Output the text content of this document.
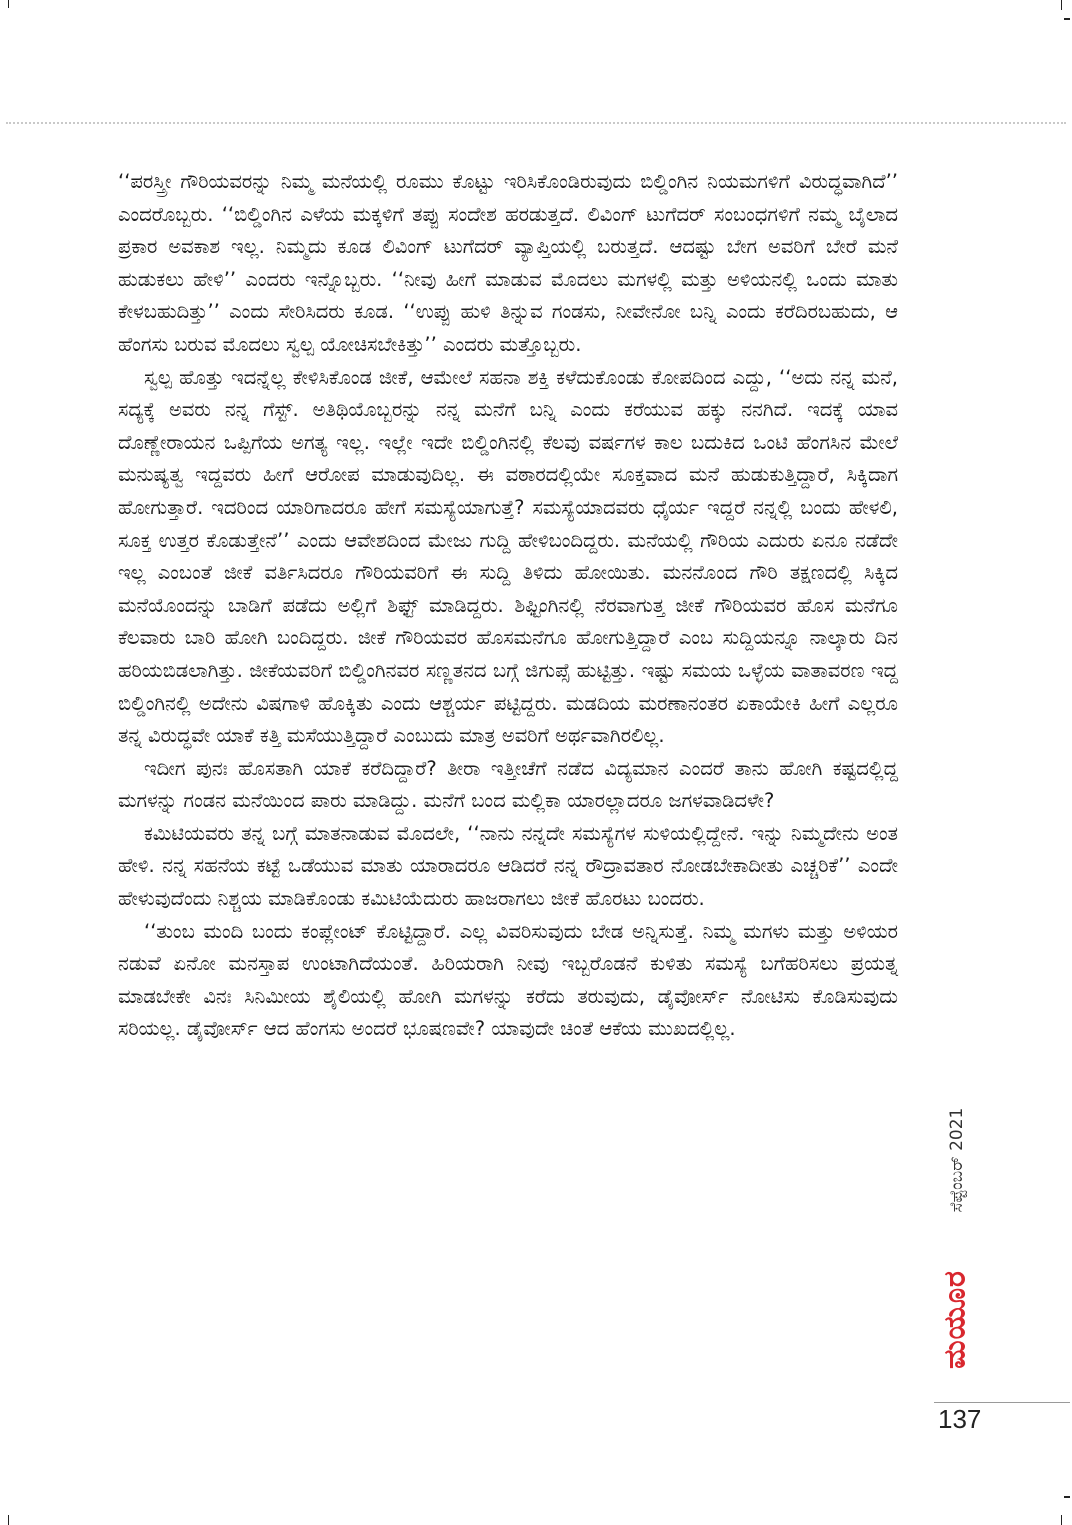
‘‘ಪರಸ್ತ್ರೀ ಗೌರಿಯವರನ್ನು ನಿಮ್ಮ ಮನೆಯಲ್ಲಿ ರೂಮು ಕೊಟ್ಟು ಇರಿಸಿಕೊಂಡಿರುವುದು ಬಿಲ್ಡಿಂಗಿನ ನಿಯಮಗಳಿಗೆ ವಿರುದ್ಧವಾಗಿದೆ’’ ಎಂದರೊಬ್ಬರು. ‘‘ಬಿಲ್ಡಿಂಗಿನ ಎಳೆಯ ಮಕ್ಕಳಿಗೆ ತಪ್ಪು ಸಂದೇಶ ಹರಡುತ್ತದೆ. ಲಿವಿಂಗ್ ಟುಗೆದರ್ ಸಂಬಂಧಗಳಿಗೆ ನಮ್ಮ ಬೈಲಾದ ಪ್ರಕಾರ ಅವಕಾಶ ಇಲ್ಲ. ನಿಮ್ಮದು ಕೂಡ ಲಿವಿಂಗ್ ಟುಗೆದರ್ ವ್ಯಾಪ್ತಿಯಲ್ಲಿ ಬರುತ್ತದೆ. ಆದಷ್ಟು ಬೇಗ ಅವರಿಗೆ ಬೇರೆ ಮನೆ ಹುಡುಕಲು ಹೇಳಿ’’ ಎಂದರು ಇನ್ನೊಬ್ಬರು. ‘‘ನೀವು ಹೀಗೆ ಮಾಡುವ ಮೊದಲು ಮಗಳಲ್ಲಿ ಮತ್ತು ಅಳಿಯನಲ್ಲಿ ಒಂದು ಮಾತು ಕೇಳಬಹುದಿತ್ತು’’ ಎಂದು ಸೇರಿಸಿದರು ಕೂಡ. ‘‘ಉಪ್ಪು ಹುಳಿ ತಿನ್ನುವ ಗಂಡಸು, ನೀವೇನೋ ಬನ್ನಿ ಎಂದು ಕರೆದಿರಬಹುದು, ಆ ಹೆಂಗಸು ಬರುವ ಮೊದಲು ಸ್ವಲ್ಪ ಯೋಚಿಸಬೇಕಿತ್ತು’’ ಎಂದರು ಮತ್ತೊಬ್ಬರು.

ಸ್ವಲ್ಪ ಹೊತ್ತು ಇದನ್ನೆಲ್ಲ ಕೇಳಿಸಿಕೊಂಡ ಜೀಕೆ, ಆಮೇಲೆ ಸಹನಾ ಶಕ್ತಿ ಕಳೆದುಕೊಂಡು ಕೋಪದಿಂದ ಎದ್ದು, ‘‘ಅದು ನನ್ನ ಮನೆ, ಸದ್ಯಕ್ಕೆ ಅವರು ನನ್ನ ಗೆಸ್ಟ್. ಅತಿಥಿಯೊಬ್ಬರನ್ನು ನನ್ನ ಮನೆಗೆ ಬನ್ನಿ ಎಂದು ಕರೆಯುವ ಹಕ್ಕು ನನಗಿದೆ. ಇದಕ್ಕೆ ಯಾವ ದೊಣ್ಣೇರಾಯನ ಒಪ್ಪಿಗೆಯ ಅಗತ್ಯ ಇಲ್ಲ. ಇಲ್ಲೇ ಇದೇ ಬಿಲ್ಡಿಂಗಿನಲ್ಲಿ ಕೆಲವು ವರ್ಷಗಳ ಕಾಲ ಬದುಕಿದ ಒಂಟಿ ಹೆಂಗಸಿನ ಮೇಲೆ ಮನುಷ್ಯತ್ವ ಇದ್ದವರು ಹೀಗೆ ಆರೋಪ ಮಾಡುವುದಿಲ್ಲ. ಈ ವಠಾರದಲ್ಲಿಯೇ ಸೂಕ್ತವಾದ ಮನೆ ಹುಡುಕುತ್ತಿದ್ದಾರೆ, ಸಿಕ್ಕಿದಾಗ ಹೋಗುತ್ತಾರೆ. ಇದರಿಂದ ಯಾರಿಗಾದರೂ ಹೇಗೆ ಸಮಸ್ಯೆಯಾಗುತ್ತೆ? ಸಮಸ್ಯೆಯಾದವರು ಧೈರ್ಯ ಇದ್ದರೆ ನನ್ನಲ್ಲಿ ಬಂದು ಹೇಳಲಿ, ಸೂಕ್ತ ಉತ್ತರ ಕೊಡುತ್ತೇನೆ’’ ಎಂದು ಆವೇಶದಿಂದ ಮೇಜು ಗುದ್ದಿ ಹೇಳಿಬಂದಿದ್ದರು. ಮನೆಯಲ್ಲಿ ಗೌರಿಯ ಎದುರು ಏನೂ ನಡೆದೇ ಇಲ್ಲ ಎಂಬಂತೆ ಜೀಕೆ ವರ್ತಿಸಿದರೂ ಗೌರಿಯವರಿಗೆ ಈ ಸುದ್ದಿ ತಿಳಿದು ಹೋಯಿತು. ಮನನೊಂದ ಗೌರಿ ತಕ್ಷಣದಲ್ಲಿ ಸಿಕ್ಕಿದ ಮನೆಯೊಂದನ್ನು ಬಾಡಿಗೆ ಪಡೆದು ಅಲ್ಲಿಗೆ ಶಿಫ್ಟ್ ಮಾಡಿದ್ದರು. ಶಿಫ್ಟಿಂಗಿನಲ್ಲಿ ನೆರವಾಗುತ್ತ ಜೀಕೆ ಗೌರಿಯವರ ಹೊಸ ಮನೆಗೂ ಕೆಲವಾರು ಬಾರಿ ಹೋಗಿ ಬಂದಿದ್ದರು. ಜೀಕೆ ಗೌರಿಯವರ ಹೊಸಮನೆಗೂ ಹೋಗುತ್ತಿದ್ದಾರೆ ಎಂಬ ಸುದ್ದಿಯನ್ನೂ ನಾಲ್ಕಾರು ದಿನ ಹರಿಯಬಿಡಲಾಗಿತ್ತು. ಜೀಕೆಯವರಿಗೆ ಬಿಲ್ಡಿಂಗಿನವರ ಸಣ್ಣತನದ ಬಗ್ಗೆ ಜಿಗುಪ್ಸೆ ಹುಟ್ಟಿತ್ತು. ಇಷ್ಟು ಸಮಯ ಒಳ್ಳೆಯ ವಾತಾವರಣ ಇದ್ದ ಬಿಲ್ಡಿಂಗಿನಲ್ಲಿ ಅದೇನು ವಿಷಗಾಳಿ ಹೊಕ್ಕಿತು ಎಂದು ಆಶ್ಚರ್ಯ ಪಟ್ಟಿದ್ದರು. ಮಡದಿಯ ಮರಣಾನಂತರ ಏಕಾಯೇಕಿ ಹೀಗೆ ಎಲ್ಲರೂ ತನ್ನ ವಿರುದ್ಧವೇ ಯಾಕೆ ಕತ್ತಿ ಮಸೆಯುತ್ತಿದ್ದಾರೆ ಎಂಬುದು ಮಾತ್ರ ಅವರಿಗೆ ಅರ್ಥವಾಗಿರಲಿಲ್ಲ.

ಇದೀಗ ಪುನಃ ಹೊಸತಾಗಿ ಯಾಕೆ ಕರೆದಿದ್ದಾರೆ? ತೀರಾ ಇತ್ತೀಚೆಗೆ ನಡೆದ ವಿದ್ಯಮಾನ ಎಂದರೆ ತಾನು ಹೋಗಿ ಕಷ್ಟದಲ್ಲಿದ್ದ ಮಗಳನ್ನು ಗಂಡನ ಮನೆಯಿಂದ ಪಾರು ಮಾಡಿದ್ದು. ಮನೆಗೆ ಬಂದ ಮಲ್ಲಿಕಾ ಯಾರಲ್ಲಾದರೂ ಜಗಳವಾಡಿದಳೇ?

ಕಮಿಟಿಯವರು ತನ್ನ ಬಗ್ಗೆ ಮಾತನಾಡುವ ಮೊದಲೇ, ‘‘ನಾನು ನನ್ನದೇ ಸಮಸ್ಯೆಗಳ ಸುಳಿಯಲ್ಲಿದ್ದೇನೆ. ಇನ್ನು ನಿಮ್ಮದೇನು ಅಂತ ಹೇಳಿ. ನನ್ನ ಸಹನೆಯ ಕಟ್ಟೆ ಒಡೆಯುವ ಮಾತು ಯಾರಾದರೂ ಆಡಿದರೆ ನನ್ನ ರೌದ್ರಾವತಾರ ನೋಡಬೇಕಾದೀತು ಎಚ್ಚರಿಕೆ’’ ಎಂದೇ ಹೇಳುವುದೆಂದು ನಿಶ್ಚಯ ಮಾಡಿಕೊಂಡು ಕಮಿಟಿಯೆದುರು ಹಾಜರಾಗಲು ಜೀಕೆ ಹೊರಟು ಬಂದರು.

‘‘ತುಂಬ ಮಂದಿ ಬಂದು ಕಂಪ್ಲೇಂಟ್ ಕೊಟ್ಟಿದ್ದಾರೆ. ಎಲ್ಲ ವಿವರಿಸುವುದು ಬೇಡ ಅನ್ನಿಸುತ್ತೆ. ನಿಮ್ಮ ಮಗಳು ಮತ್ತು ಅಳಿಯರ ನಡುವೆ ಏನೋ ಮನಸ್ತಾಪ ಉಂಟಾಗಿದೆಯಂತೆ. ಹಿರಿಯರಾಗಿ ನೀವು ಇಬ್ಬರೊಡನೆ ಕುಳಿತು ಸಮಸ್ಯೆ ಬಗೆಹರಿಸಲು ಪ್ರಯತ್ನ ಮಾಡಬೇಕೇ ವಿನಃ ಸಿನಿಮೀಯ ಶೈಲಿಯಲ್ಲಿ ಹೋಗಿ ಮಗಳನ್ನು ಕರೆದು ತರುವುದು, ಡೈವೋರ್ಸ್ ನೋಟಿಸು ಕೊಡಿಸುವುದು ಸರಿಯಲ್ಲ. ಡೈವೋರ್ಸ್ ಆದ ಹೆಂಗಸು ಅಂದರೆ ಭೂಷಣವೇ? ಯಾವುದೇ ಚಿಂತೆ ಆಕೆಯ ಮುಖದಲ್ಲಿಲ್ಲ.

ಸೆಪ್ಟೆಂಬರ್ 2021
ಮಯೂರ
137
